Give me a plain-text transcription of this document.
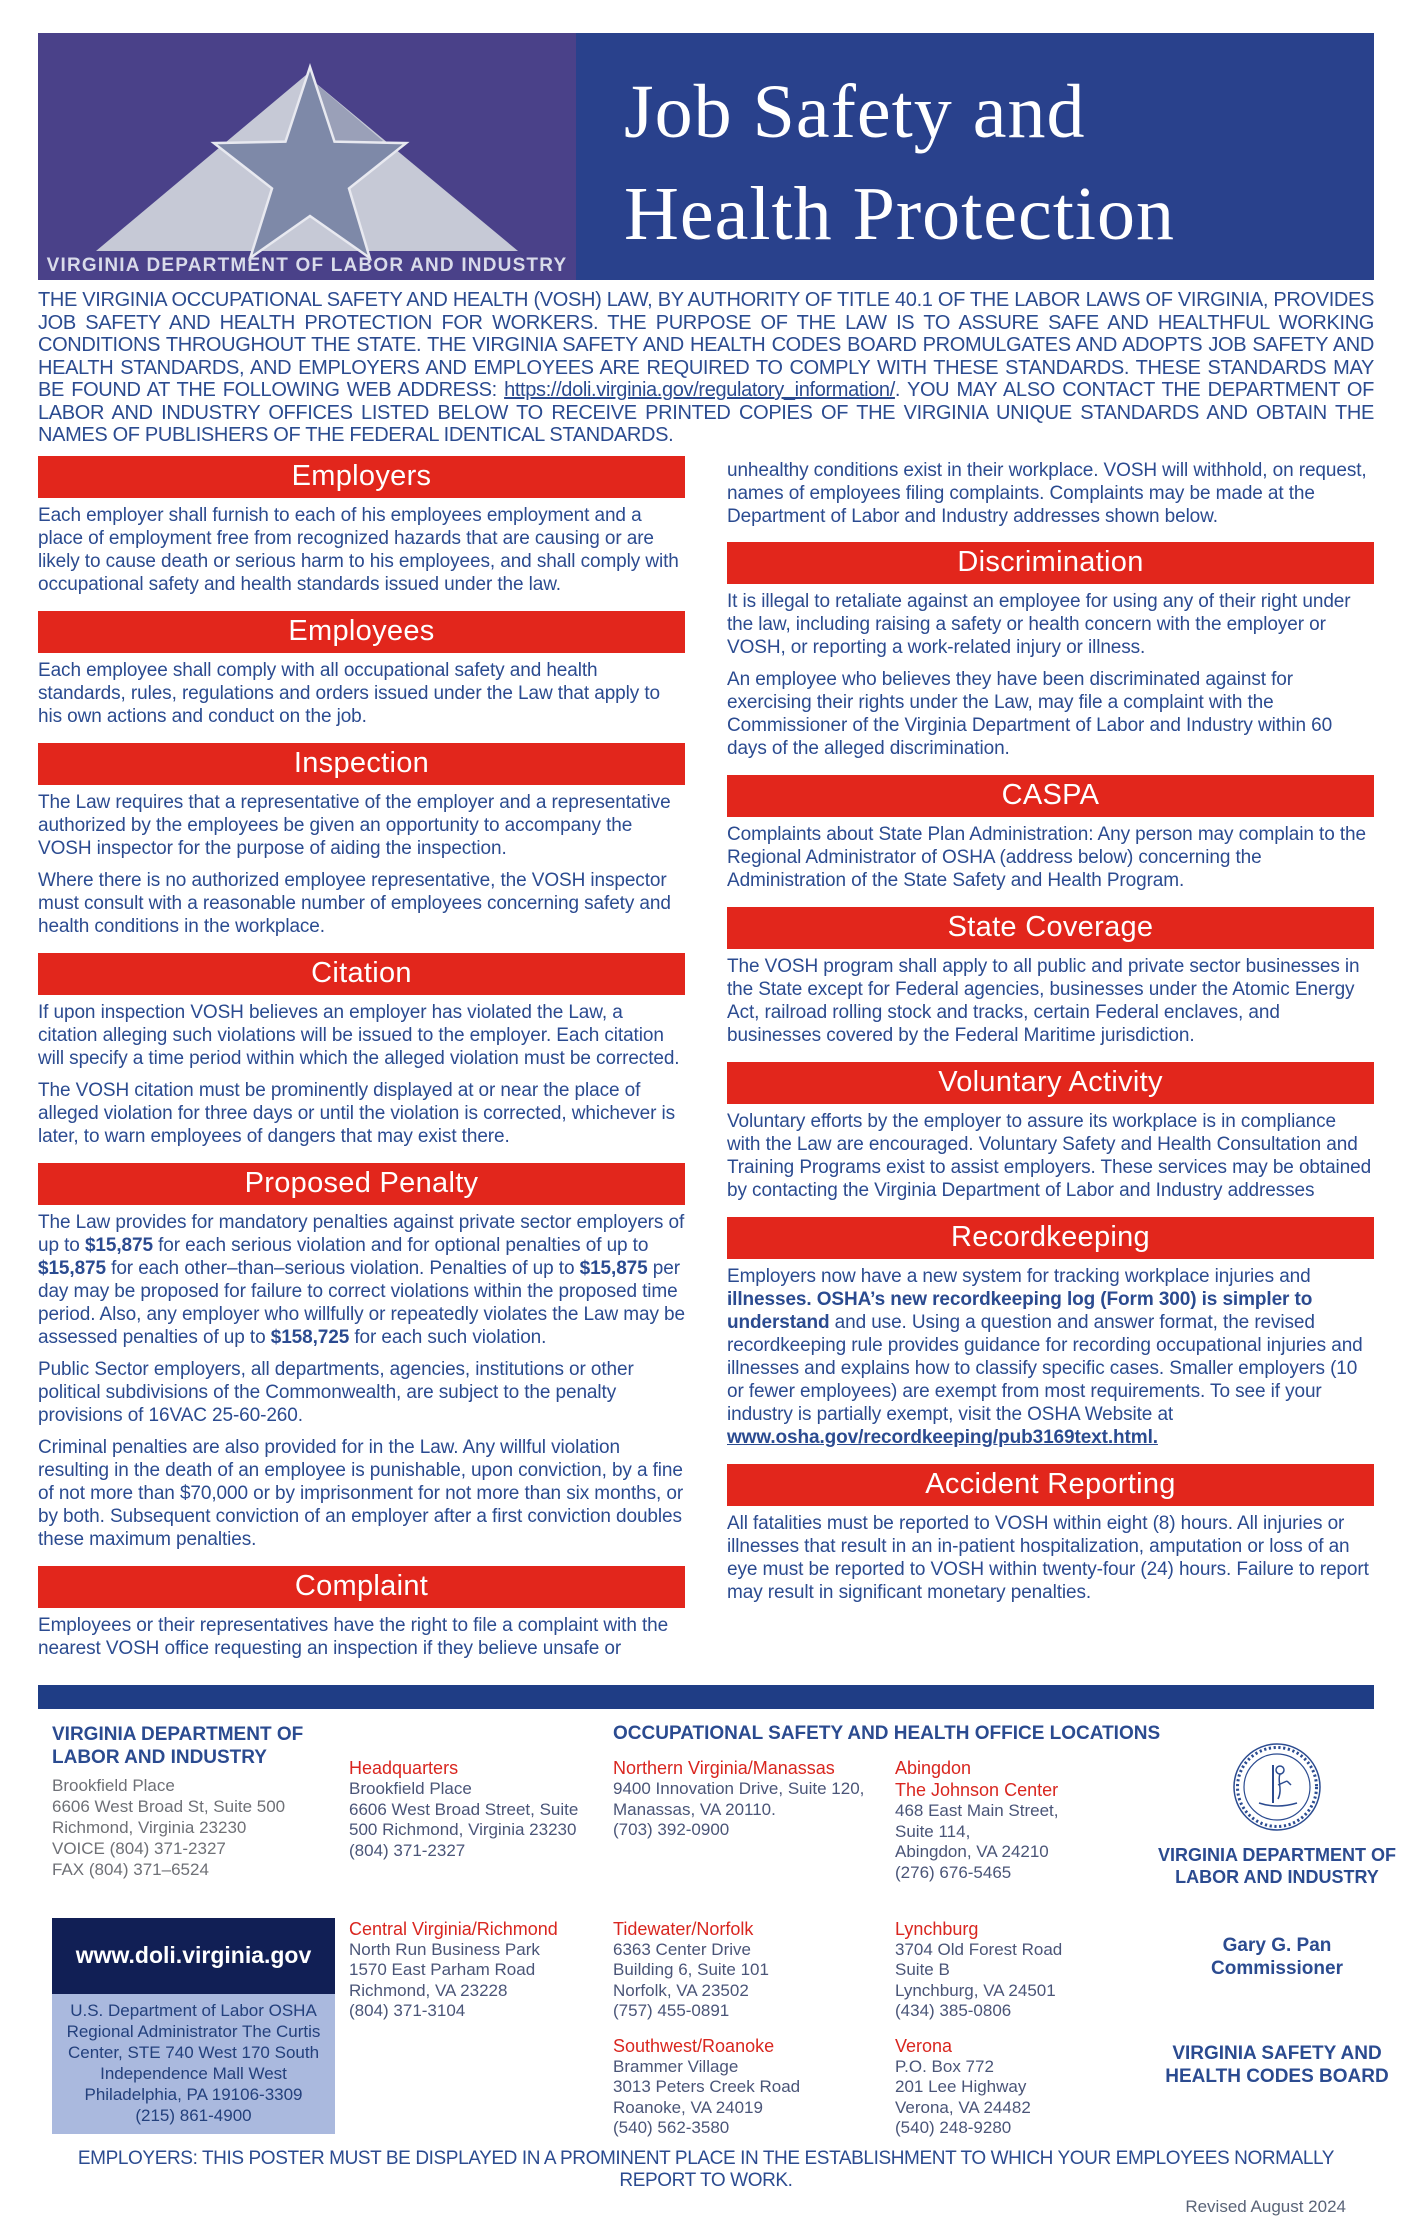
VIRGINIA DEPARTMENT OF LABOR AND INDUSTRY
Job Safety and
Health Protection

THE VIRGINIA OCCUPATIONAL SAFETY AND HEALTH (VOSH) LAW, BY AUTHORITY OF TITLE 40.1 OF THE LABOR LAWS OF VIRGINIA, PROVIDES JOB SAFETY AND HEALTH PROTECTION FOR WORKERS. THE PURPOSE OF THE LAW IS TO ASSURE SAFE AND HEALTHFUL WORKING CONDITIONS THROUGHOUT THE STATE. THE VIRGINIA SAFETY AND HEALTH CODES BOARD PROMULGATES AND ADOPTS JOB SAFETY AND HEALTH STANDARDS, AND EMPLOYERS AND EMPLOYEES ARE REQUIRED TO COMPLY WITH THESE STANDARDS. THESE STANDARDS MAY BE FOUND AT THE FOLLOWING WEB ADDRESS: https://doli.virginia.gov/regulatory_information/. YOU MAY ALSO CONTACT THE DEPARTMENT OF LABOR AND INDUSTRY OFFICES LISTED BELOW TO RECEIVE PRINTED COPIES OF THE VIRGINIA UNIQUE STANDARDS AND OBTAIN THE NAMES OF PUBLISHERS OF THE FEDERAL IDENTICAL STANDARDS.

Employers

Each employer shall furnish to each of his employees employment and a place of employment free from recognized hazards that are causing or are likely to cause death or serious harm to his employees, and shall comply with occupational safety and health standards issued under the law.

Employees

Each employee shall comply with all occupational safety and health standards, rules, regulations and orders issued under the Law that apply to his own actions and conduct on the job.

Inspection

The Law requires that a representative of the employer and a representative authorized by the employees be given an opportunity to accompany the VOSH inspector for the purpose of aiding the inspection.

Where there is no authorized employee representative, the VOSH inspector must consult with a reasonable number of employees concerning safety and health conditions in the workplace.

Citation

If upon inspection VOSH believes an employer has violated the Law, a citation alleging such violations will be issued to the employer. Each citation will specify a time period within which the alleged violation must be corrected.

The VOSH citation must be prominently displayed at or near the place of alleged violation for three days or until the violation is corrected, whichever is later, to warn employees of dangers that may exist there.

Proposed Penalty

The Law provides for mandatory penalties against private sector employers of up to $15,875 for each serious violation and for optional penalties of up to $15,875 for each other–than–serious violation. Penalties of up to $15,875 per day may be proposed for failure to correct violations within the proposed time period. Also, any employer who willfully or repeatedly violates the Law may be assessed penalties of up to $158,725 for each such violation.

Public Sector employers, all departments, agencies, institutions or other political subdivisions of the Commonwealth, are subject to the penalty provisions of 16VAC 25-60-260.

Criminal penalties are also provided for in the Law. Any willful violation resulting in the death of an employee is punishable, upon conviction, by a fine of not more than $70,000 or by imprisonment for not more than six months, or by both. Subsequent conviction of an employer after a first conviction doubles these maximum penalties.

Complaint

Employees or their representatives have the right to file a complaint with the nearest VOSH office requesting an inspection if they believe unsafe or

unhealthy conditions exist in their workplace. VOSH will withhold, on request, names of employees filing complaints. Complaints may be made at the Department of Labor and Industry addresses shown below.

Discrimination

It is illegal to retaliate against an employee for using any of their right under the law, including raising a safety or health concern with the employer or VOSH, or reporting a work-related injury or illness.

An employee who believes they have been discriminated against for exercising their rights under the Law, may file a complaint with the Commissioner of the Virginia Department of Labor and Industry within 60 days of the alleged discrimination.

CASPA

Complaints about State Plan Administration: Any person may complain to the Regional Administrator of OSHA (address below) concerning the Administration of the State Safety and Health Program.

State Coverage

The VOSH program shall apply to all public and private sector businesses in the State except for Federal agencies, businesses under the Atomic Energy Act, railroad rolling stock and tracks, certain Federal enclaves, and businesses covered by the Federal Maritime jurisdiction.

Voluntary Activity

Voluntary efforts by the employer to assure its workplace is in compliance with the Law are encouraged. Voluntary Safety and Health Consultation and Training Programs exist to assist employers. These services may be obtained by contacting the Virginia Department of Labor and Industry addresses

Recordkeeping

Employers now have a new system for tracking workplace injuries and illnesses. OSHA’s new recordkeeping log (Form 300) is simpler to understand and use. Using a question and answer format, the revised recordkeeping rule provides guidance for recording occupational injuries and illnesses and explains how to classify specific cases. Smaller employers (10 or fewer employees) are exempt from most requirements. To see if your industry is partially exempt, visit the OSHA Website at www.osha.gov/recordkeeping/pub3169text.html.

Accident Reporting

All fatalities must be reported to VOSH within eight (8) hours. All injuries or illnesses that result in an in-patient hospitalization, amputation or loss of an eye must be reported to VOSH within twenty-four (24) hours. Failure to report may result in significant monetary penalties.

VIRGINIA DEPARTMENT OF LABOR AND INDUSTRY
Brookfield Place
6606 West Broad St, Suite 500
Richmond, Virginia 23230
VOICE (804) 371-2327
FAX (804) 371–6524
OCCUPATIONAL SAFETY AND HEALTH OFFICE LOCATIONS
Headquarters
Brookfield Place
6606 West Broad Street, Suite
500 Richmond, Virginia 23230
(804) 371-2327
Northern Virginia/Manassas
9400 Innovation Drive, Suite 120,
Manassas, VA 20110.
(703) 392-0900
Abingdon
The Johnson Center
468 East Main Street,
Suite 114,
Abingdon, VA 24210
(276) 676-5465
VIRGINIA DEPARTMENT OF LABOR AND INDUSTRY
www.doli.virginia.gov
U.S. Department of Labor OSHA
Regional Administrator The Curtis
Center, STE 740 West 170 South
Independence Mall West
Philadelphia, PA 19106-3309
(215) 861-4900
Central Virginia/Richmond
North Run Business Park
1570 East Parham Road
Richmond, VA 23228
(804) 371-3104
Tidewater/Norfolk
6363 Center Drive
Building 6, Suite 101
Norfolk, VA 23502
(757) 455-0891
Southwest/Roanoke
Brammer Village
3013 Peters Creek Road
Roanoke, VA 24019
(540) 562-3580
Lynchburg
3704 Old Forest Road
Suite B
Lynchburg, VA 24501
(434) 385-0806
Verona
P.O. Box 772
201 Lee Highway
Verona, VA 24482
(540) 248-9280
Gary G. Pan
Commissioner
VIRGINIA SAFETY AND HEALTH CODES BOARD
EMPLOYERS: THIS POSTER MUST BE DISPLAYED IN A PROMINENT PLACE IN THE ESTABLISHMENT TO WHICH YOUR EMPLOYEES NORMALLY REPORT TO WORK.
Revised August 2024
